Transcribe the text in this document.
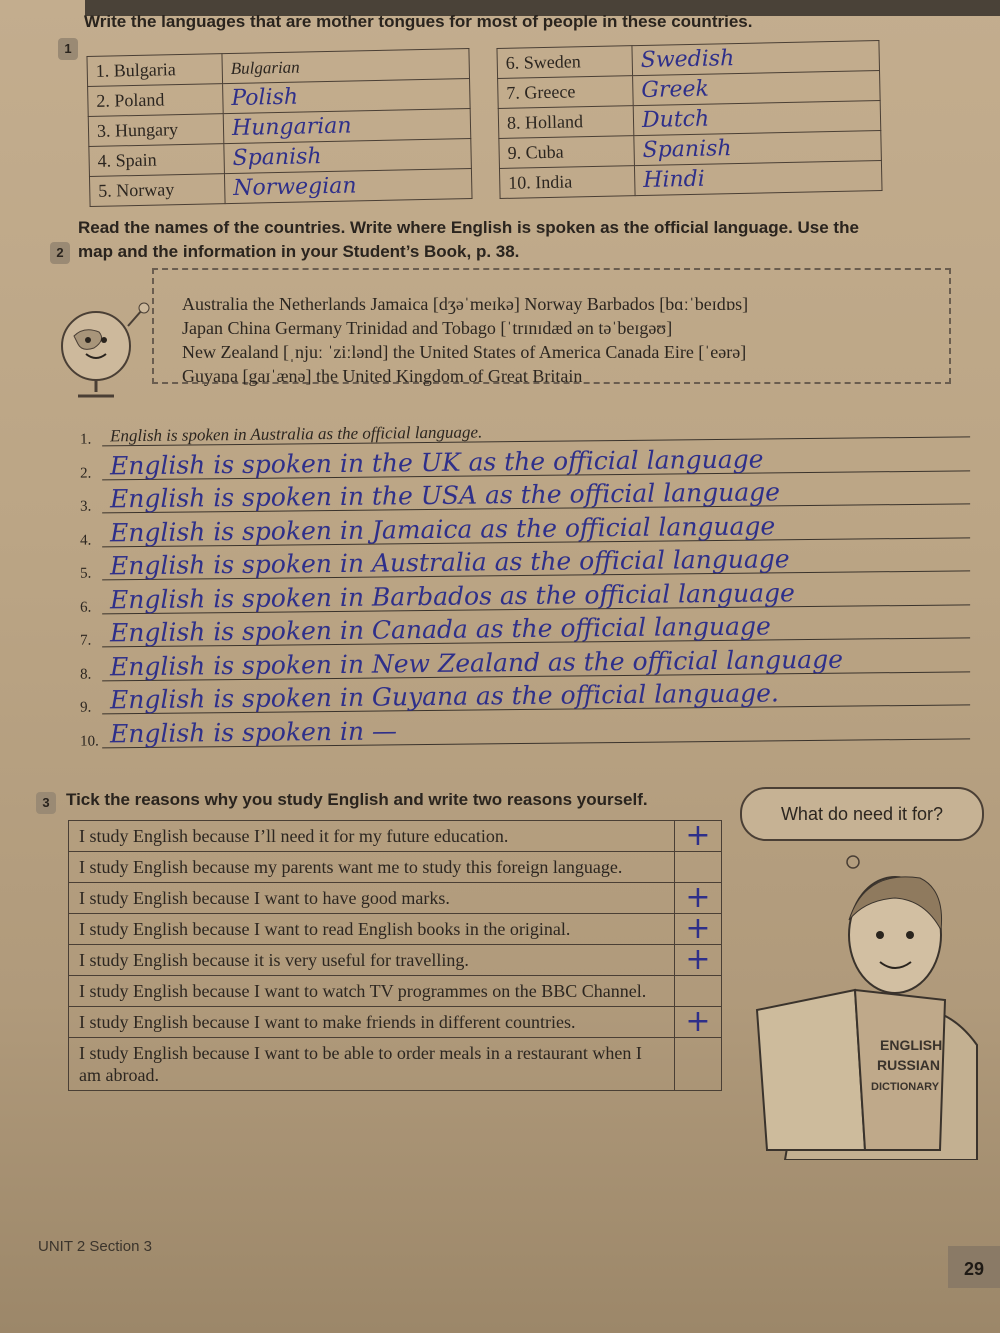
1
Write the languages that are mother tongues for most of people in these countries.
1. Bulgaria	Bulgarian
2. Poland	Polish
3. Hungary	Hungarian
4. Spain	Spanish
5. Norway	Norwegian
6. Sweden	Swedish
7. Greece	Greek
8. Holland	Dutch
9. Cuba	Spanish
10. India	Hindi
2
Read the names of the countries. Write where English is spoken as the official language. Use the
map and the information in your Student’s Book, p. 38.

Australia the Netherlands Jamaica [dʒəˈmeɪkə] Norway Barbados [bɑːˈbeɪdɒs]

Japan China Germany Trinidad and Tobago [ˈtrɪnɪdæd ən təˈbeɪgəʊ]

New Zealand [ˌnjuː ˈziːlənd] the United States of America Canada Eire [ˈeərə]

Guyana [gaɪˈænə] the United Kingdom of Great Britain

1.	English is spoken in Australia as the official language.
2. English is spoken in the UK as the official language
3. English is spoken in the USA as the official language
4. English is spoken in Jamaica as the official language
5. English is spoken in Australia as the official language
6. English is spoken in Barbados as the official language
7. English is spoken in Canada as the official language
8. English is spoken in New Zealand as the official language
9. English is spoken in Guyana as the official language.
10. English is spoken in —
3 Tick the reasons why you study English and write two reasons yourself.
What do need it for?
I study English because I’ll need it for my future education.	+
I study English because my parents want me to study this foreign language.	
I study English because I want to have good marks.	+
I study English because I want to read English books in the original.	+
I study English because it is very useful for travelling.	+
I study English because I want to watch TV programmes on the BBC Channel.	
I study English because I want to make friends in different countries.	+
I study English because I want to be able to order meals in a restaurant when I am abroad.	
ENGLISH
RUSSIAN
DICTIONARY
UNIT 2 Section 3
29
